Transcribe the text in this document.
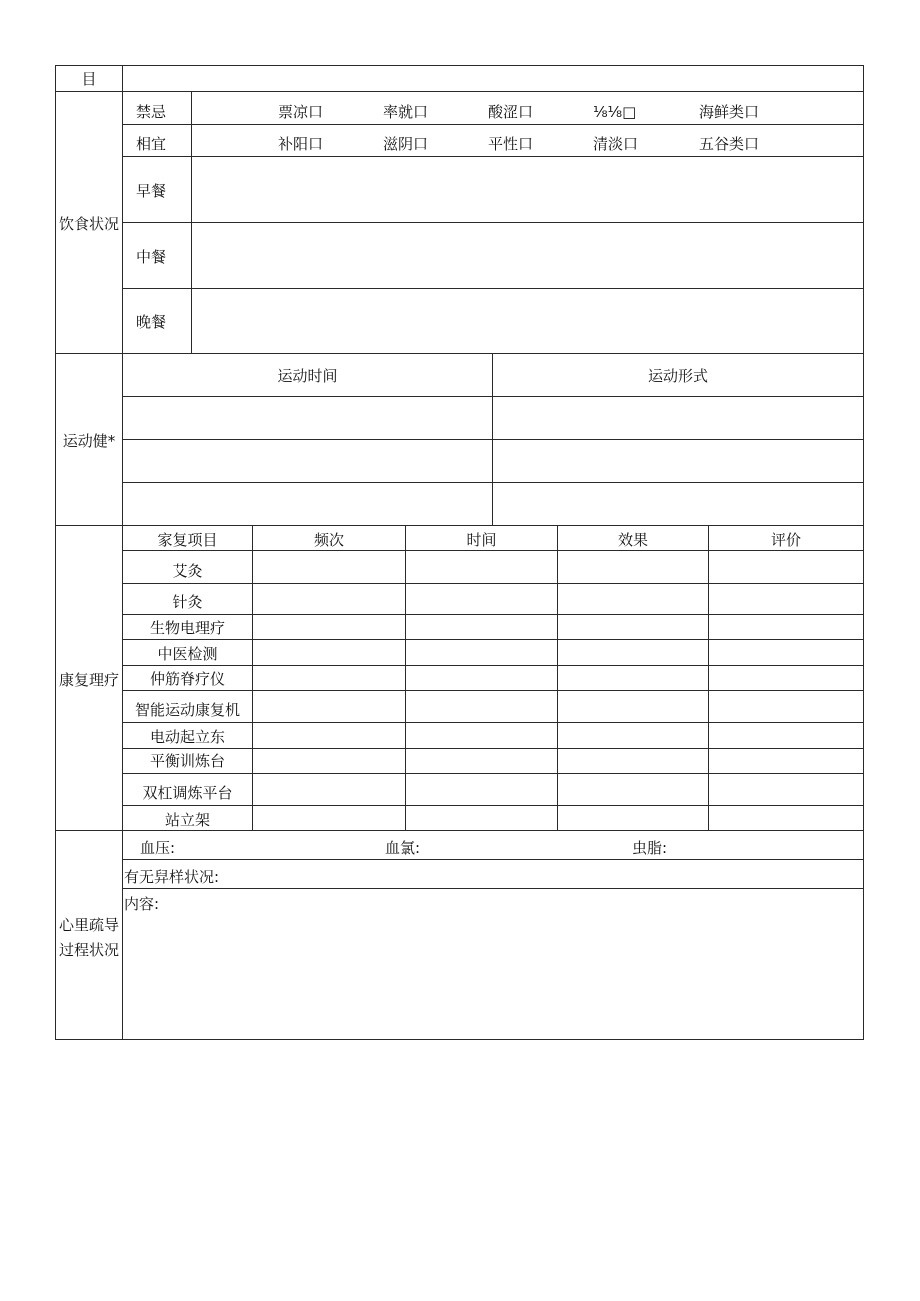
目
饮食状况
禁忌	票凉口	率就口	酸涩口	⅛⅛□	海鲜类口
相宜	补阳口	滋阴口	平性口	清淡口	五谷类口
早餐
中餐
晚餐
运动健*
运动时间	运动形式
康复理疗
家复项目	频次	时间	效果	评价
艾灸
针灸
生物电理疗
中医检测
仲筋脊疗仪
智能运动康复机
电动起立东
平衡训炼台
双杠调炼平台
站立架
心里疏导
过程状况
血压:	血氯:	虫脂:
有无舁样状况:
内容:
